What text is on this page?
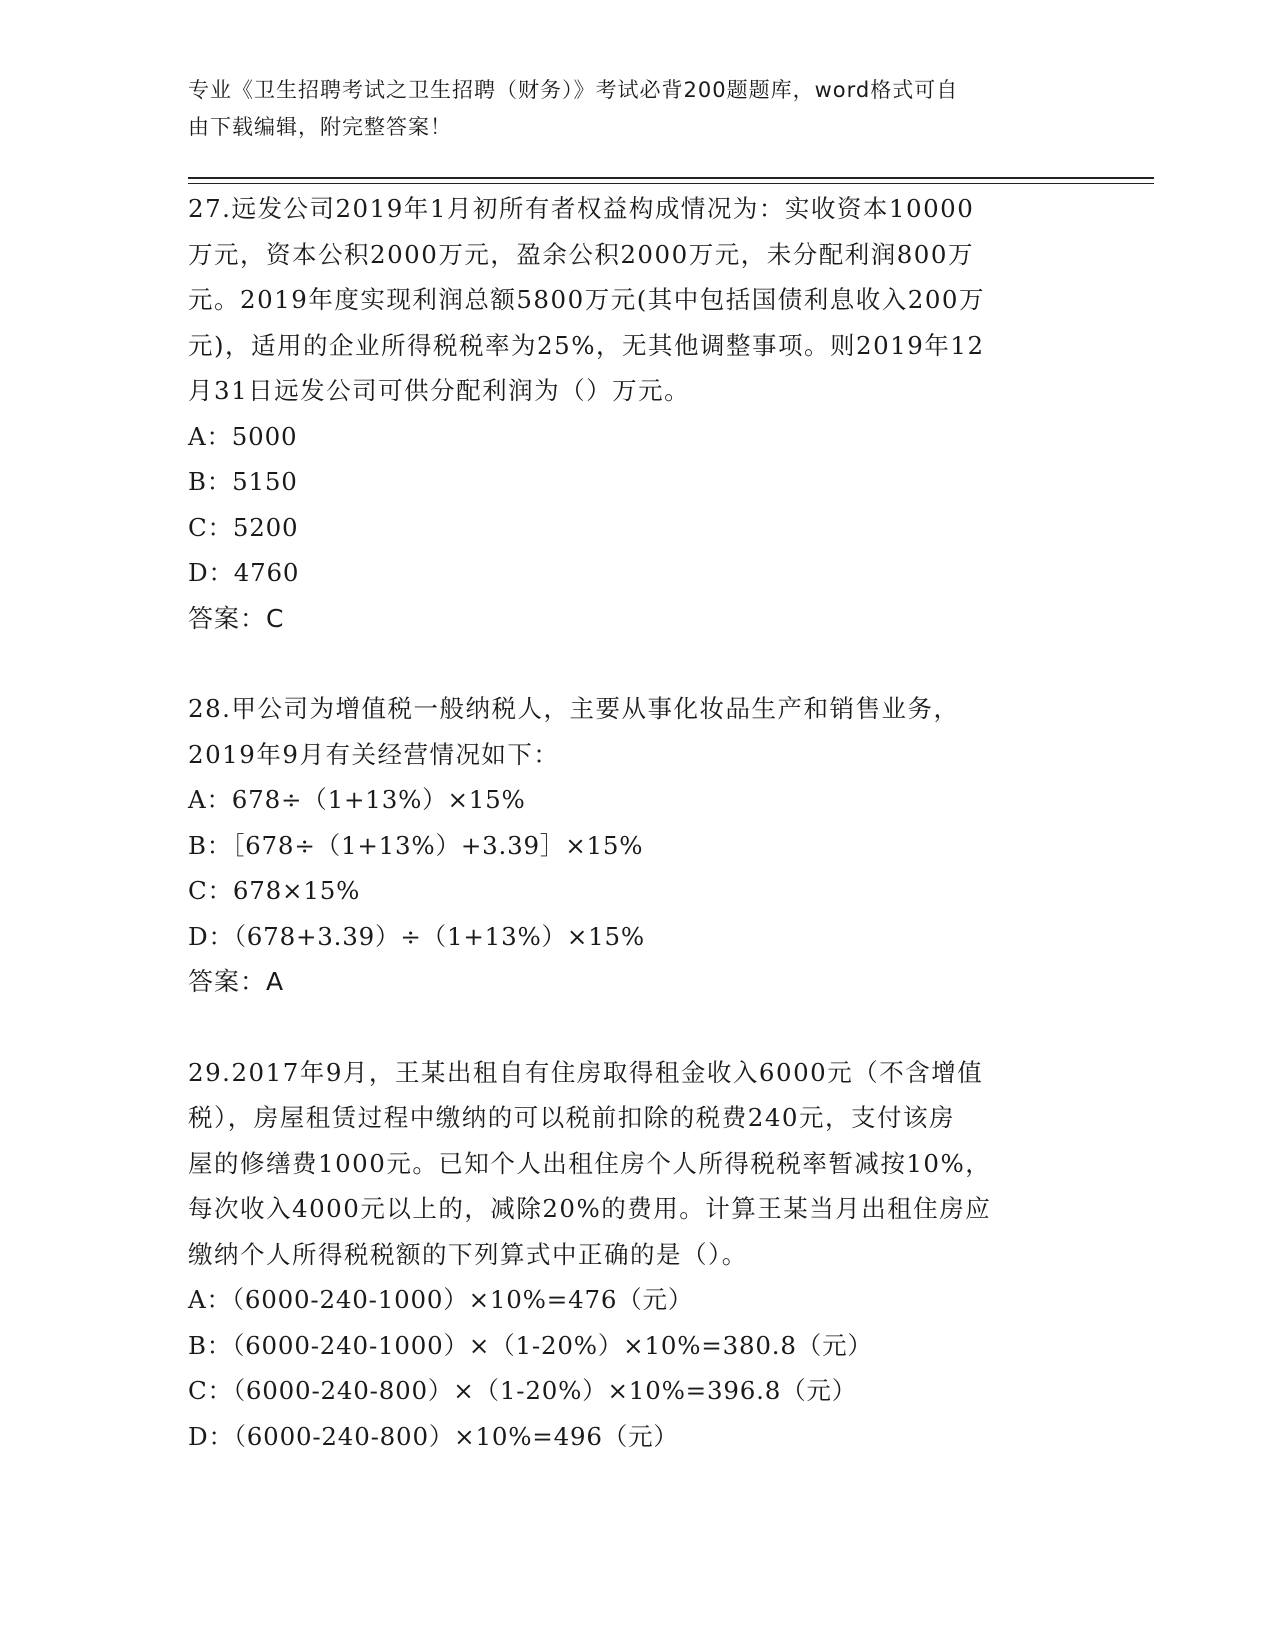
专业《卫生招聘考试之卫生招聘（财务）》考试必背200题题库，word格式可自
由下载编辑，附完整答案！

27.远发公司2019年1月初所有者权益构成情况为：实收资本10000

万元，资本公积2000万元，盈余公积2000万元，未分配利润800万

元。2019年度实现利润总额5800万元(其中包括国债利息收入200万

元)，适用的企业所得税税率为25%，无其他调整事项。则2019年12

月31日远发公司可供分配利润为（）万元。

A：5000

B：5150

C：5200

D：4760

答案：C

28.甲公司为增值税一般纳税人，主要从事化妆品生产和销售业务，

2019年9月有关经营情况如下：

A：678÷（1+13%）×15%

B：［678÷（1+13%）+3.39］×15%

C：678×15%

D：（678+3.39）÷（1+13%）×15%

答案：A

29.2017年9月，王某出租自有住房取得租金收入6000元（不含增值

税），房屋租赁过程中缴纳的可以税前扣除的税费240元，支付该房

屋的修缮费1000元。已知个人出租住房个人所得税税率暂减按10%，

每次收入4000元以上的，减除20%的费用。计算王某当月出租住房应

缴纳个人所得税税额的下列算式中正确的是（）。

A：（6000-240-1000）×10%=476（元）

B：（6000-240-1000）×（1-20%）×10%=380.8（元）

C：（6000-240-800）×（1-20%）×10%=396.8（元）

D：（6000-240-800）×10%=496（元）
